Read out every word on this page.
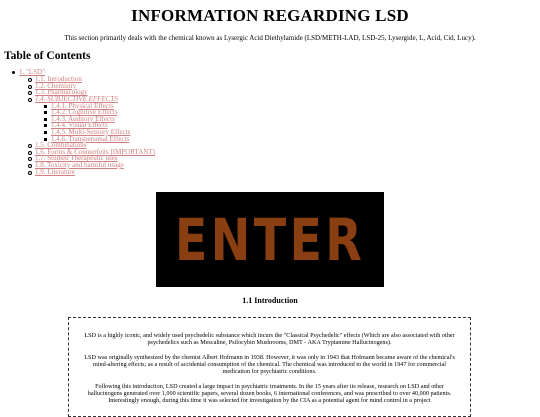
INFORMATION REGARDING LSD

This section primarily deals with the chemical known as Lysergic Acid Diethylamide (LSD/METH-LAD, LSD-25, Lysergide, L, Acid, Cid, Lucy).

Table of Contents
1. "LSD"
1.1. Introduction
1.2. Chemistry
1.3. Pharmacology
1.4. SUBJECTIVE EFFECTS
1.4.1. Physical Effects
1.4.2. Cognitive Effects
1.4.3. Auditory Effects
1.4.4. Visual Effects
1.4.5. Multi-Sensory Effects
1.4.6. Transpersonal Effects
1.5. Combinations
1.6. Forms & Counterfeits [IMPORTANT]
1.7. Studied Therapeutic uses
1.8. Toxicity and harmful usage
1.9. Literature
ENTER
1.1 Introduction

LSD is a highly iconic, and widely used psychedelic substance which incurs the "Classical Psychedelic" effects (Which are also associated with other psychedelics such as Mescaline, Psilocybin Mushrooms, DMT - AKA Tryptamine Hallucinogens).

LSD was originally synthesized by the chemist Albert Hofmann in 1938. However, it was only in 1943 that Hofmann became aware of the chemical's mind-altering effects; as a result of accidental consumption of the chemical. The chemical was introduced to the world in 1947 for commercial medication for psychiatric conditions.

Following this introduction, LSD created a large impact in psychiatric treatments. In the 15 years after its release, research on LSD and other hallucinogens generated over 1,000 scientific papers, several dozen books, 6 international conferences, and was prescribed to over 40,000 patients. Interestingly enough, during this time it was selected for investigation by the CIA as a potential agent for mind control in a project
